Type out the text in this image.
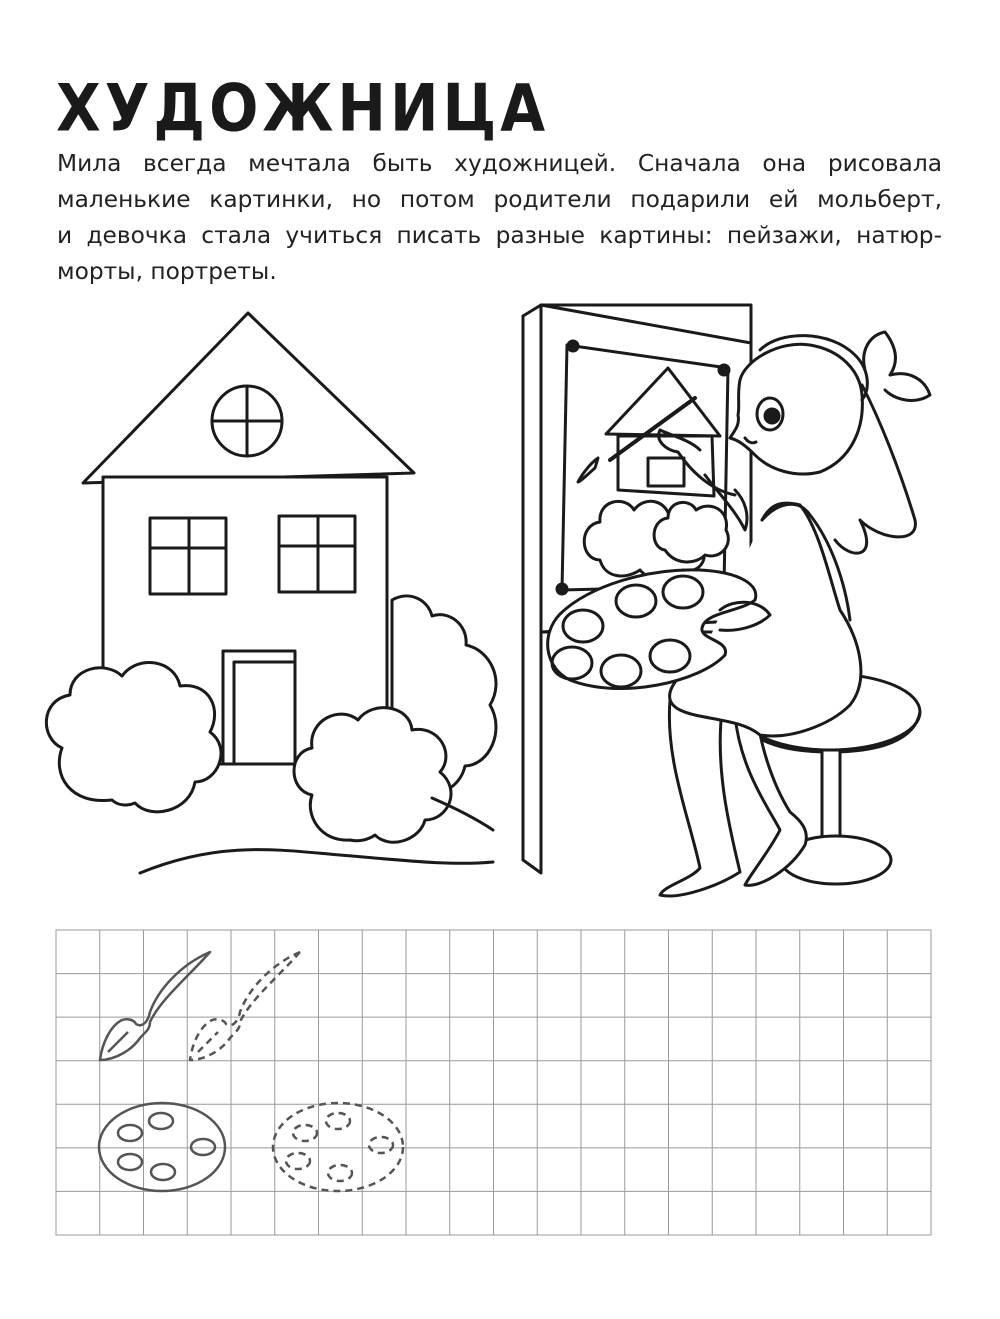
ХУДОЖНИЦА

Мила всегда мечтала быть художницей. Сначала она рисовала
маленькие картинки, но потом родители подарили ей мольберт,
и девочка стала учиться писать разные картины: пейзажи, натюр-
морты, портреты.
